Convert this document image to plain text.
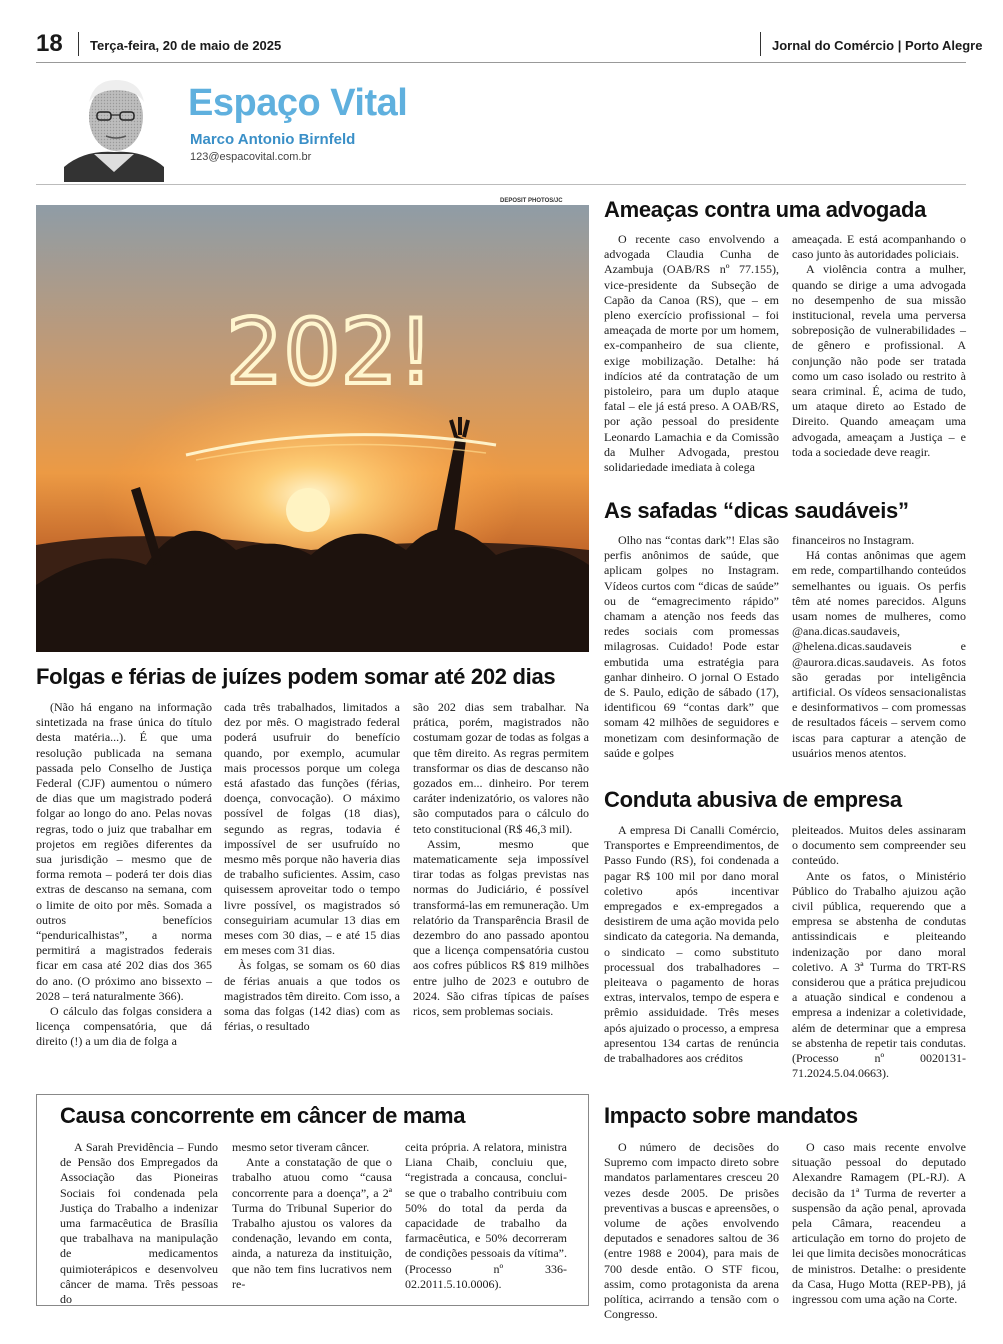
18 Terça-feira, 20 de maio de 2025	Jornal do Comércio | Porto Alegre
Espaço Vital
Marco Antonio Birnfeld
123@espacovital.com.br
DEPOSIT PHOTOS/JC
202!
Folgas e férias de juízes podem somar até 202 dias

(Não há engano na informação sintetizada na frase única do título desta matéria...). É que uma resolução publicada na semana passada pelo Conselho de Justiça Federal (CJF) aumentou o número de dias que um magistrado poderá folgar ao longo do ano. Pelas novas regras, todo o juiz que trabalhar em projetos em regiões diferentes da sua jurisdição – mesmo que de forma remota – poderá ter dois dias extras de descanso na semana, com o limite de oito por mês. Somada a outros benefícios “penduricalhistas”, a norma permitirá a magistrados federais ficar em casa até 202 dias dos 365 do ano. (O próximo ano bissexto – 2028 – terá naturalmente 366).

O cálculo das folgas considera a licença compensatória, que dá direito (!) a um dia de folga a

cada três trabalhados, limitados a dez por mês. O magistrado federal poderá usufruir do benefício quando, por exemplo, acumular mais processos porque um colega está afastado das funções (férias, doença, convocação). O máximo possível de folgas (18 dias), segundo as regras, todavia é impossível de ser usufruído no mesmo mês porque não haveria dias de trabalho suficientes. Assim, caso quisessem aproveitar todo o tempo livre possível, os magistrados só conseguiriam acumular 13 dias em meses com 30 dias, – e até 15 dias em meses com 31 dias.

Às folgas, se somam os 60 dias de férias anuais a que todos os magistrados têm direito. Com isso, a soma das folgas (142 dias) com as férias, o resultado

são 202 dias sem trabalhar. Na prática, porém, magistrados não costumam gozar de todas as folgas a que têm direito. As regras permitem transformar os dias de descanso não gozados em... dinheiro. Por terem caráter indenizatório, os valores não são computados para o cálculo do teto constitucional (R$ 46,3 mil).

Assim, mesmo que matematicamente seja impossível tirar todas as folgas previstas nas normas do Judiciário, é possível transformá-las em remuneração. Um relatório da Transparência Brasil de dezembro do ano passado apontou que a licença compensatória custou aos cofres públicos R$ 819 milhões entre julho de 2023 e outubro de 2024. São cifras típicas de países ricos, sem problemas sociais.

Ameaças contra uma advogada

O recente caso envolvendo a advogada Claudia Cunha de Azambuja (OAB/RS nº 77.155), vice-presidente da Subseção de Capão da Canoa (RS), que – em pleno exercício profissional – foi ameaçada de morte por um homem, ex-companheiro de sua cliente, exige mobilização. Detalhe: há indícios até da contratação de um pistoleiro, para um duplo ataque fatal – ele já está preso. A OAB/RS, por ação pessoal do presidente Leonardo Lamachia e da Comissão da Mulher Advogada, prestou solidariedade imediata à colega

ameaçada. E está acompanhando o caso junto às autoridades policiais.

A violência contra a mulher, quando se dirige a uma advogada no desempenho de sua missão institucional, revela uma perversa sobreposição de vulnerabilidades – de gênero e profissional. A conjunção não pode ser tratada como um caso isolado ou restrito à seara criminal. É, acima de tudo, um ataque direto ao Estado de Direito. Quando ameaçam uma advogada, ameaçam a Justiça – e toda a sociedade deve reagir.

As safadas “dicas saudáveis”

Olho nas “contas dark”! Elas são perfis anônimos de saúde, que aplicam golpes no Instagram. Vídeos curtos com “dicas de saúde” ou de “emagrecimento rápido” chamam a atenção nos feeds das redes sociais com promessas milagrosas. Cuidado! Pode estar embutida uma estratégia para ganhar dinheiro. O jornal O Estado de S. Paulo, edição de sábado (17), identificou 69 “contas dark” que somam 42 milhões de seguidores e monetizam com desinformação de saúde e golpes

financeiros no Instagram.

Há contas anônimas que agem em rede, compartilhando conteúdos semelhantes ou iguais. Os perfis têm até nomes parecidos. Alguns usam nomes de mulheres, como @ana.dicas.saudaveis, @helena.dicas.saudaveis e @aurora.dicas.saudaveis. As fotos são geradas por inteligência artificial. Os vídeos sensacionalistas e desinformativos – com promessas de resultados fáceis – servem como iscas para capturar a atenção de usuários menos atentos.

Conduta abusiva de empresa

A empresa Di Canalli Comércio, Transportes e Empreendimentos, de Passo Fundo (RS), foi condenada a pagar R$ 100 mil por dano moral coletivo após incentivar empregados e ex-empregados a desistirem de uma ação movida pelo sindicato da categoria. Na demanda, o sindicato – como substituto processual dos trabalhadores – pleiteava o pagamento de horas extras, intervalos, tempo de espera e prêmio assiduidade. Três meses após ajuizado o processo, a empresa apresentou 134 cartas de renúncia de trabalhadores aos créditos

pleiteados. Muitos deles assinaram o documento sem compreender seu conteúdo.

Ante os fatos, o Ministério Público do Trabalho ajuizou ação civil pública, requerendo que a empresa se abstenha de condutas antissindicais e pleiteando indenização por dano moral coletivo. A 3ª Turma do TRT-RS considerou que a prática prejudicou a atuação sindical e condenou a empresa a indenizar a coletividade, além de determinar que a empresa se abstenha de repetir tais condutas. (Processo nº 0020131-71.2024.5.04.0663).

Causa concorrente em câncer de mama

A Sarah Previdência – Fundo de Pensão dos Empregados da Associação das Pioneiras Sociais foi condenada pela Justiça do Trabalho a indenizar uma farmacêutica de Brasília que trabalhava na manipulação de medicamentos quimioterápicos e desenvolveu câncer de mama. Três pessoas do

mesmo setor tiveram câncer.

Ante a constatação de que o trabalho atuou como “causa concorrente para a doença”, a 2ª Turma do Tribunal Superior do Trabalho ajustou os valores da condenação, levando em conta, ainda, a natureza da instituição, que não tem fins lucrativos nem re-

ceita própria. A relatora, ministra Liana Chaib, concluiu que, “registrada a concausa, conclui-se que o trabalho contribuiu com 50% do total da perda da capacidade de trabalho da farmacêutica, e 50% decorreram de condições pessoais da vítima”. (Processo nº 336-02.2011.5.10.0006).

Impacto sobre mandatos

O número de decisões do Supremo com impacto direto sobre mandatos parlamentares cresceu 20 vezes desde 2005. De prisões preventivas a buscas e apreensões, o volume de ações envolvendo deputados e senadores saltou de 36 (entre 1988 e 2004), para mais de 700 desde então. O STF ficou, assim, como protagonista da arena política, acirrando a tensão com o Congresso.

O caso mais recente envolve situação pessoal do deputado Alexandre Ramagem (PL-RJ). A decisão da 1ª Turma de reverter a suspensão da ação penal, aprovada pela Câmara, reacendeu a articulação em torno do projeto de lei que limita decisões monocráticas de ministros. Detalhe: o presidente da Casa, Hugo Motta (REP-PB), já ingressou com uma ação na Corte.
